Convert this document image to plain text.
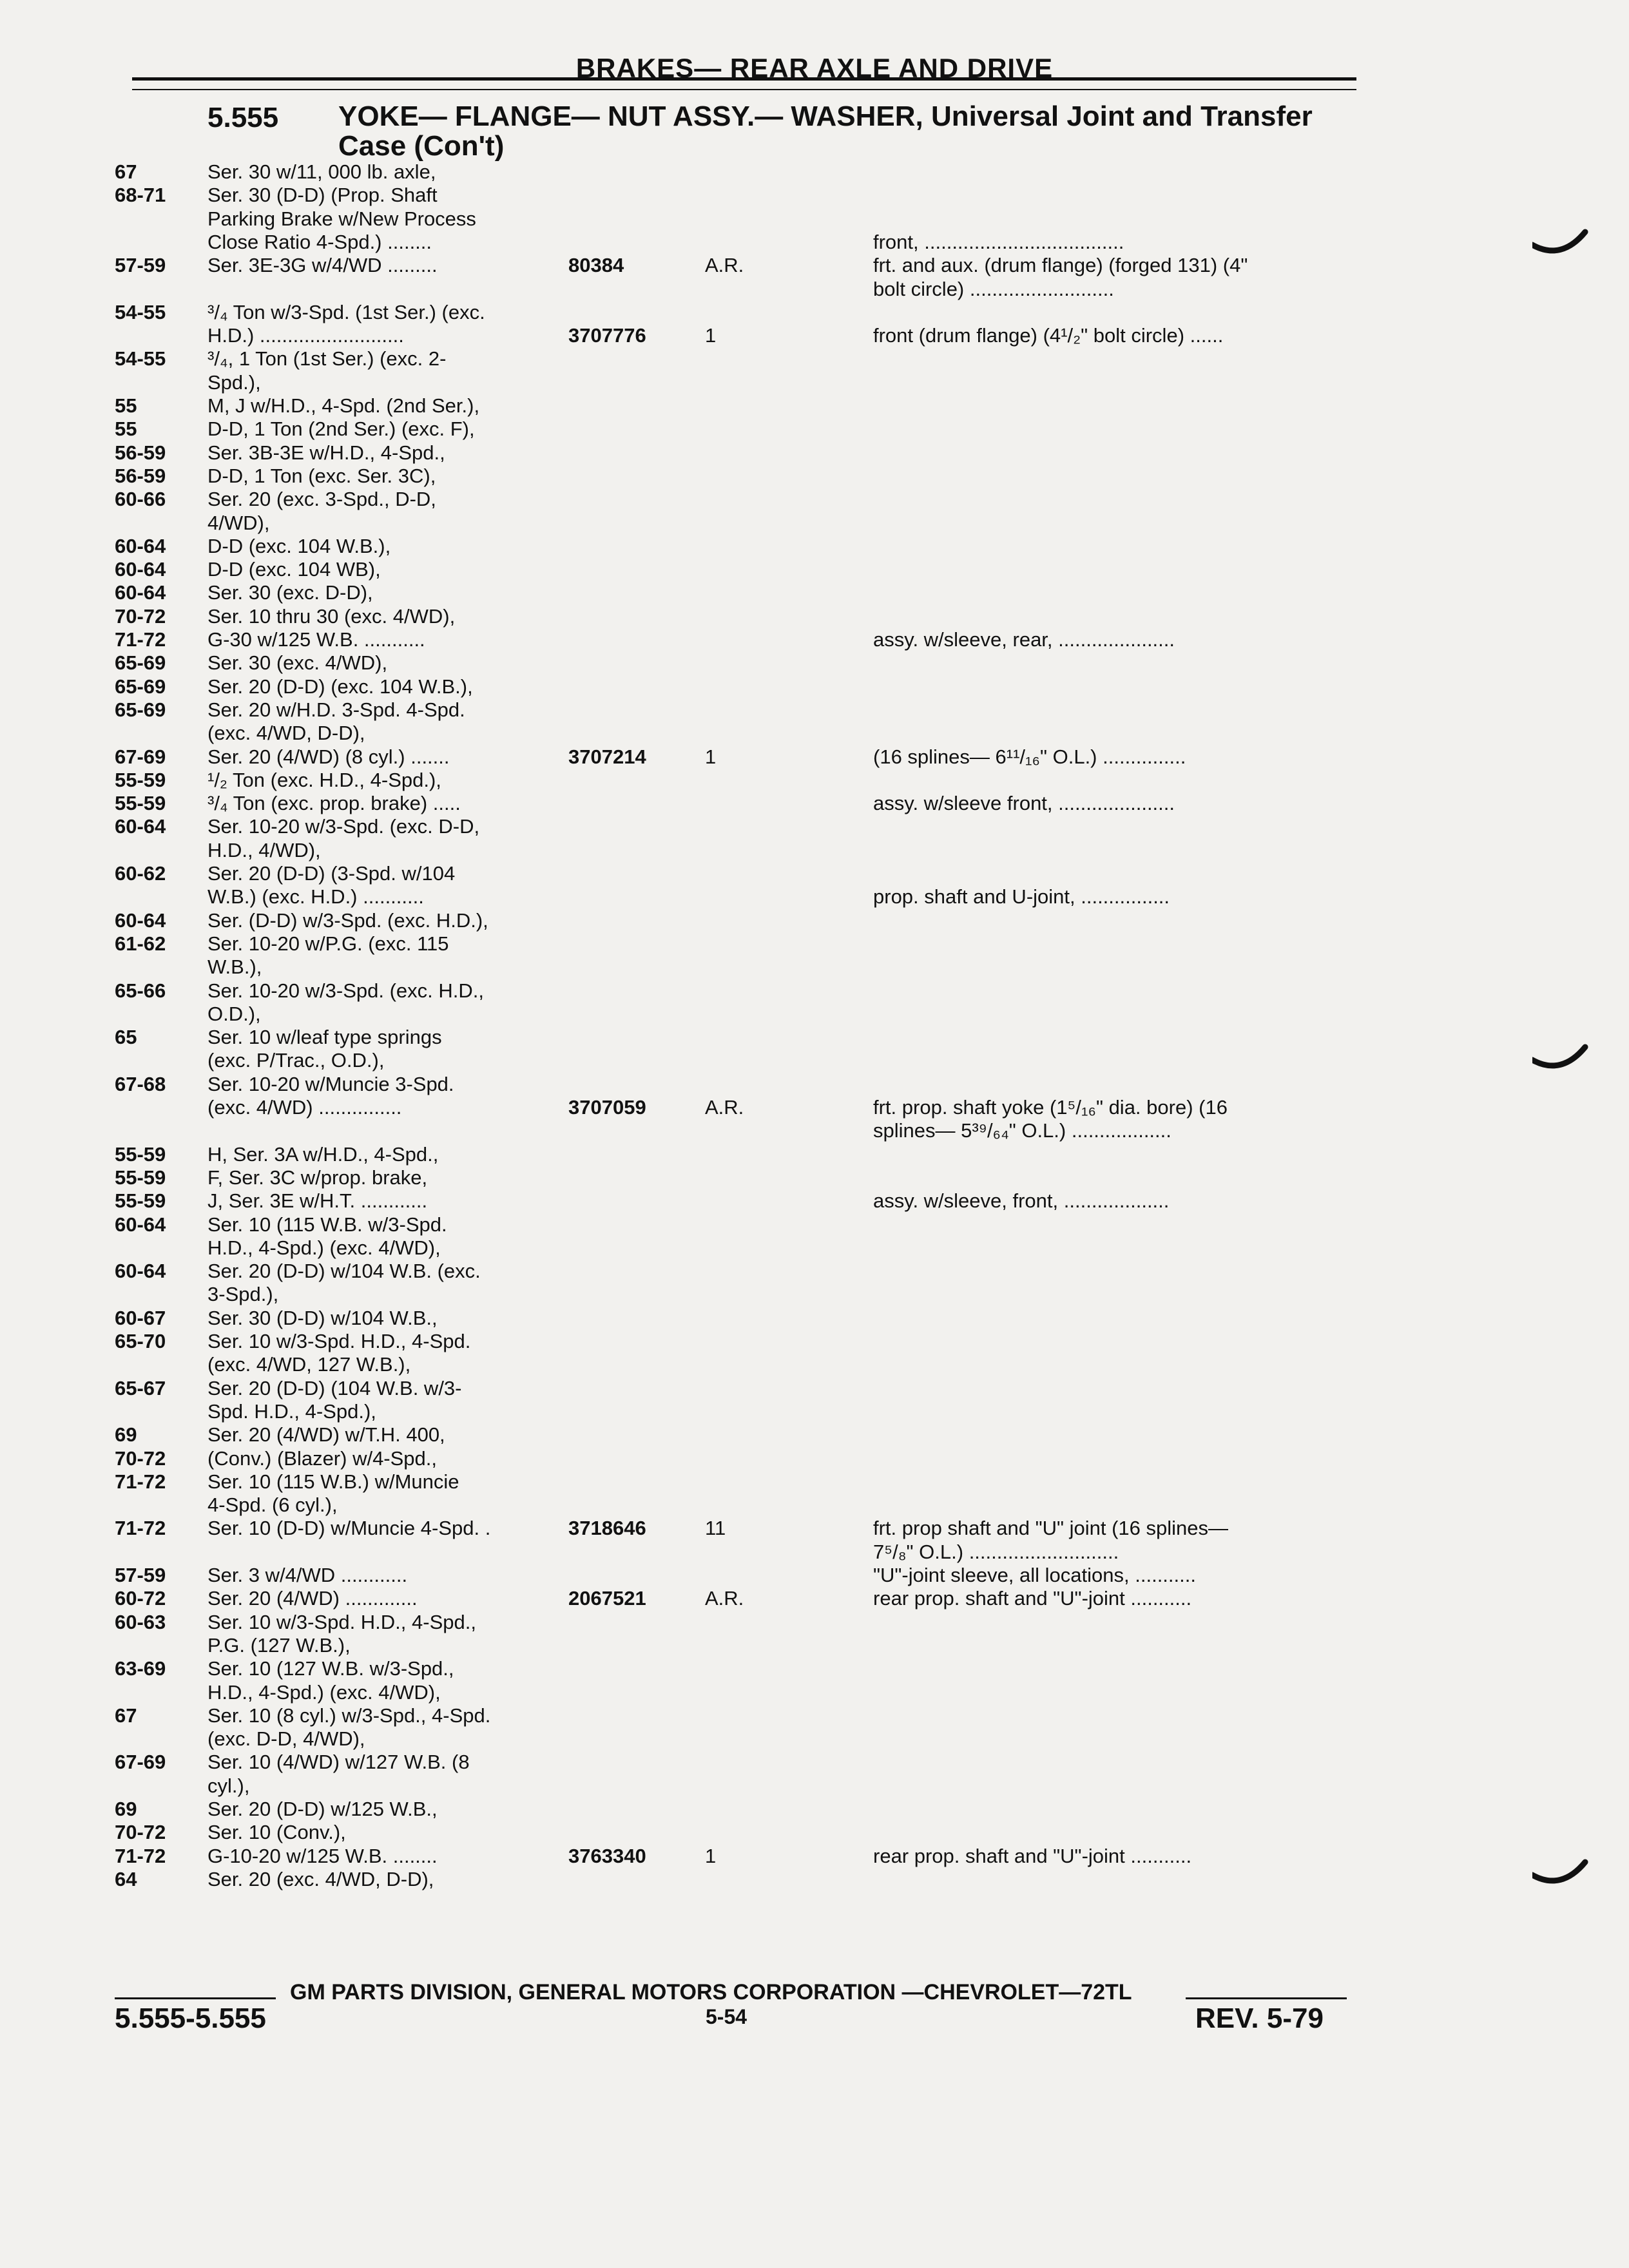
BRAKES— REAR AXLE AND DRIVE
5.555 YOKE— FLANGE— NUT ASSY.— WASHER, Universal Joint and Transfer Case (Con't)
67	Ser. 30 w/11, 000 lb. axle,
68-71	Ser. 30 (D-D) (Prop. Shaft
Parking Brake w/New Process
Close Ratio 4-Spd.) ........	front, ....................................
57-59	Ser. 3E-3G w/4/WD .........	80384	A.R.	frt. and aux. (drum flange) (forged 131) (4"
bolt circle) ..........................
54-55	³/₄ Ton w/3-Spd. (1st Ser.) (exc.
H.D.) ..........................	3707776	1	front (drum flange) (4¹/₂" bolt circle) ......
54-55	³/₄, 1 Ton (1st Ser.) (exc. 2-
Spd.),
55	M, J w/H.D., 4-Spd. (2nd Ser.),
55	D-D, 1 Ton (2nd Ser.) (exc. F),
56-59	Ser. 3B-3E w/H.D., 4-Spd.,
56-59	D-D, 1 Ton (exc. Ser. 3C),
60-66	Ser. 20 (exc. 3-Spd., D-D,
4/WD),
60-64	D-D (exc. 104 W.B.),
60-64	D-D (exc. 104 WB),
60-64	Ser. 30 (exc. D-D),
70-72	Ser. 10 thru 30 (exc. 4/WD),
71-72	G-30 w/125 W.B. ...........	assy. w/sleeve, rear, .....................
65-69	Ser. 30 (exc. 4/WD),
65-69	Ser. 20 (D-D) (exc. 104 W.B.),
65-69	Ser. 20 w/H.D. 3-Spd. 4-Spd.
(exc. 4/WD, D-D),
67-69	Ser. 20 (4/WD) (8 cyl.) .......	3707214	1	(16 splines— 6¹¹/₁₆" O.L.) ...............
55-59	¹/₂ Ton (exc. H.D., 4-Spd.),
55-59	³/₄ Ton (exc. prop. brake) .....	assy. w/sleeve front, .....................
60-64	Ser. 10-20 w/3-Spd. (exc. D-D,
H.D., 4/WD),
60-62	Ser. 20 (D-D) (3-Spd. w/104
W.B.) (exc. H.D.) ...........	prop. shaft and U-joint, ................
60-64	Ser. (D-D) w/3-Spd. (exc. H.D.),
61-62	Ser. 10-20 w/P.G. (exc. 115
W.B.),
65-66	Ser. 10-20 w/3-Spd. (exc. H.D.,
O.D.),
65	Ser. 10 w/leaf type springs
(exc. P/Trac., O.D.),
67-68	Ser. 10-20 w/Muncie 3-Spd.
(exc. 4/WD) ...............	3707059	A.R.	frt. prop. shaft yoke (1⁵/₁₆" dia. bore) (16
splines— 5³⁹/₆₄" O.L.) ..................
55-59	H, Ser. 3A w/H.D., 4-Spd.,
55-59	F, Ser. 3C w/prop. brake,
55-59	J, Ser. 3E w/H.T. ............	assy. w/sleeve, front, ...................
60-64	Ser. 10 (115 W.B. w/3-Spd.
H.D., 4-Spd.) (exc. 4/WD),
60-64	Ser. 20 (D-D) w/104 W.B. (exc.
3-Spd.),
60-67	Ser. 30 (D-D) w/104 W.B.,
65-70	Ser. 10 w/3-Spd. H.D., 4-Spd.
(exc. 4/WD, 127 W.B.),
65-67	Ser. 20 (D-D) (104 W.B. w/3-
Spd. H.D., 4-Spd.),
69	Ser. 20 (4/WD) w/T.H. 400,
70-72	(Conv.) (Blazer) w/4-Spd.,
71-72	Ser. 10 (115 W.B.) w/Muncie
4-Spd. (6 cyl.),
71-72	Ser. 10 (D-D) w/Muncie 4-Spd. .	3718646	11	frt. prop shaft and "U" joint (16 splines—
7⁵/₈" O.L.) ...........................
57-59	Ser. 3 w/4/WD ............	"U"-joint sleeve, all locations, ...........
60-72	Ser. 20 (4/WD) .............	2067521	A.R.	rear prop. shaft and "U"-joint ...........
60-63	Ser. 10 w/3-Spd. H.D., 4-Spd.,
P.G. (127 W.B.),
63-69	Ser. 10 (127 W.B. w/3-Spd.,
H.D., 4-Spd.) (exc. 4/WD),
67	Ser. 10 (8 cyl.) w/3-Spd., 4-Spd.
(exc. D-D, 4/WD),
67-69	Ser. 10 (4/WD) w/127 W.B. (8
cyl.),
69	Ser. 20 (D-D) w/125 W.B.,
70-72	Ser. 10 (Conv.),
71-72	G-10-20 w/125 W.B. ........	3763340	1	rear prop. shaft and "U"-joint ...........
64	Ser. 20 (exc. 4/WD, D-D),
GM PARTS DIVISION, GENERAL MOTORS CORPORATION —CHEVROLET—72TL
5.555-5.555	5-54	REV. 5-79
